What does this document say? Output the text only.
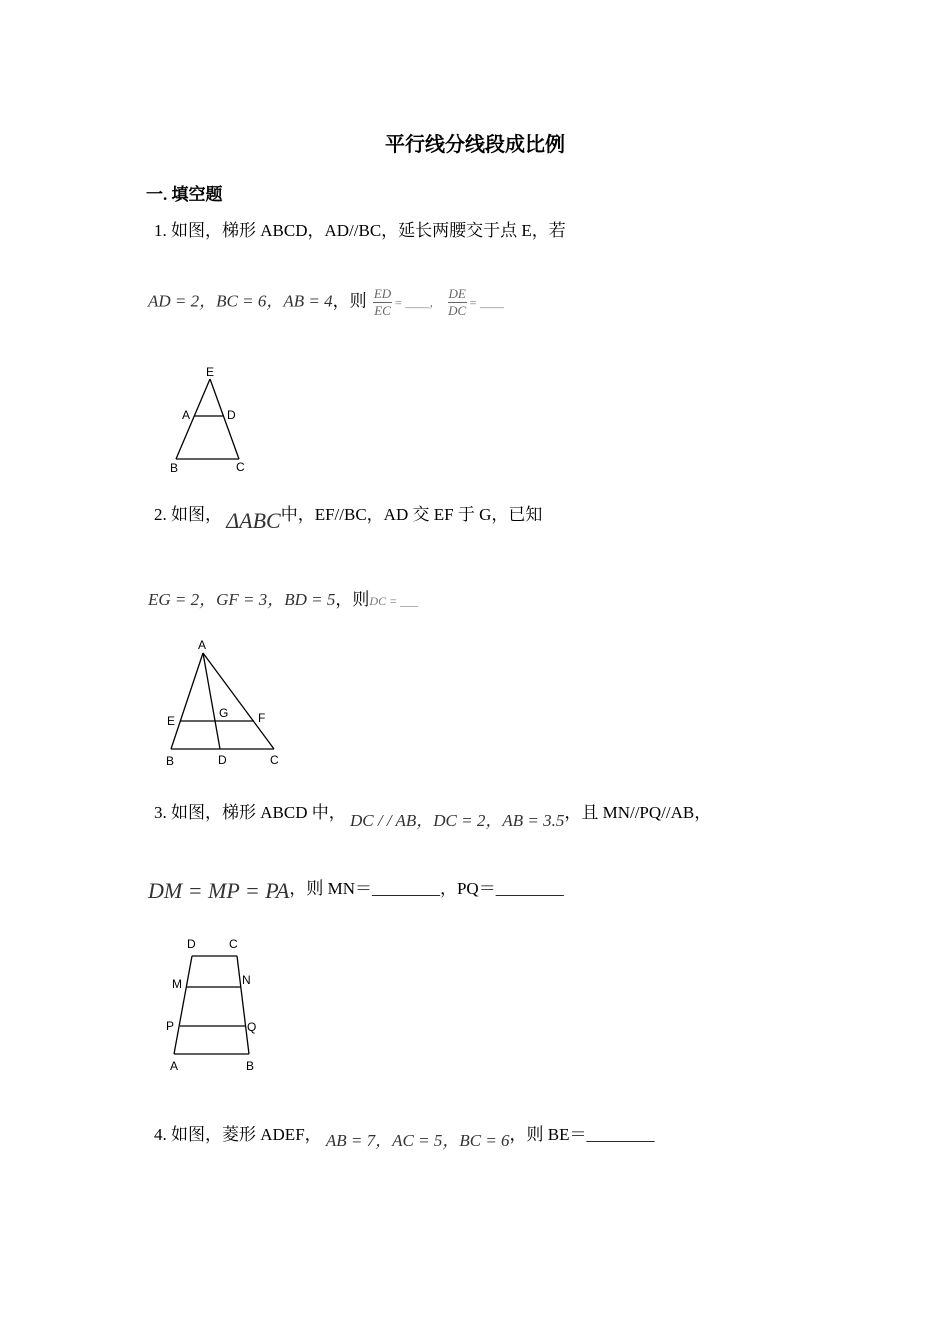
平行线分线段成比例
一. 填空题
1. 如图，梯形 ABCD，AD//BC，延长两腰交于点 E，若
AD = 2，BC = 6，AB = 4，则 $\frac{ED}{EC}$ = ____， $\frac{DE}{DC}$ = ____
E
A	D
B	C
2. 如图， ΔABC中，EF//BC，AD 交 EF 于 G，已知
EG = 2，GF = 3，BD = 5，则DC = ___
A
E
G F
B	D	C
3. 如图，梯形 ABCD 中， DC / / AB，DC = 2，AB = 3.5，且 MN//PQ//AB，
DM = MP = PA，则 MN＝________，PQ＝________
D	C
M	N
P	Q
A	B
4. 如图，菱形 ADEF， AB = 7，AC = 5，BC = 6，则 BE＝________
